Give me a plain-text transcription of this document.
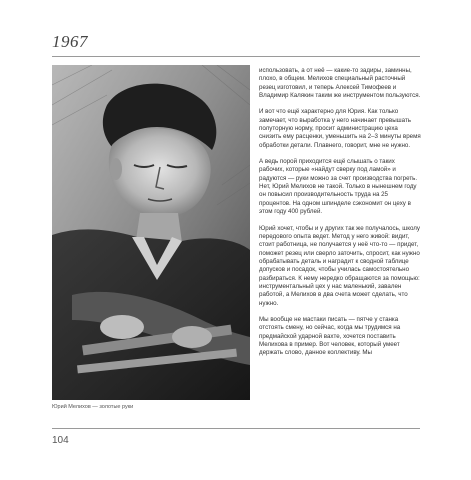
1967
Юрий Мелихов — золотые руки

использовать, а от неё — какие-то задиры, заминны, плохо, в общем. Мелихов специальный расточный резец изготовил, и теперь Алексей Тимофеев и Владимир Калякин таким же инструментом пользуются.

И вот что ещё характерно для Юрия. Как только замечает, что выработка у него начинает превышать полуторную норму, просит администрацию цеха снизить ему расценки, уменьшить на 2–3 минуты время обработки детали. Плавнего, говорит, мне не нужно.

А ведь порой приходится ещё слышать о таких рабочих, которые «найдут сверку под ламой» и радуются — руки можно за счет производства погреть. Нет, Юрий Мелихов не такой. Только в нынешнем году он повысил производительность труда на 25 процентов. На одном шпинделе сэкономит он цеху в этом году 400 рублей.

Юрий хочет, чтобы и у других так же получалось, школу передового опыта ведет. Метод у него живой: видит, стоит работница, не получается у неё что-то — придет, поможет резец или сверло заточить, спросит, как нужно обрабатывать деталь и наградит к сводной таблице допусков и посадок, чтобы училась самостоятельно разбираться. К нему нередко обращаются за помощью: инструментальный цех у нас маленький, завален работой, а Мелихов в два счета может сделать, что нужно.

Мы вообще не мастаки писать — пятче у станка отстоять смену, но сейчас, когда мы трудимся на предмайской ударной вахте, хочется поставить Мелихова в пример. Вот человек, который умеет держать слово, данное коллективу. Мы

104
